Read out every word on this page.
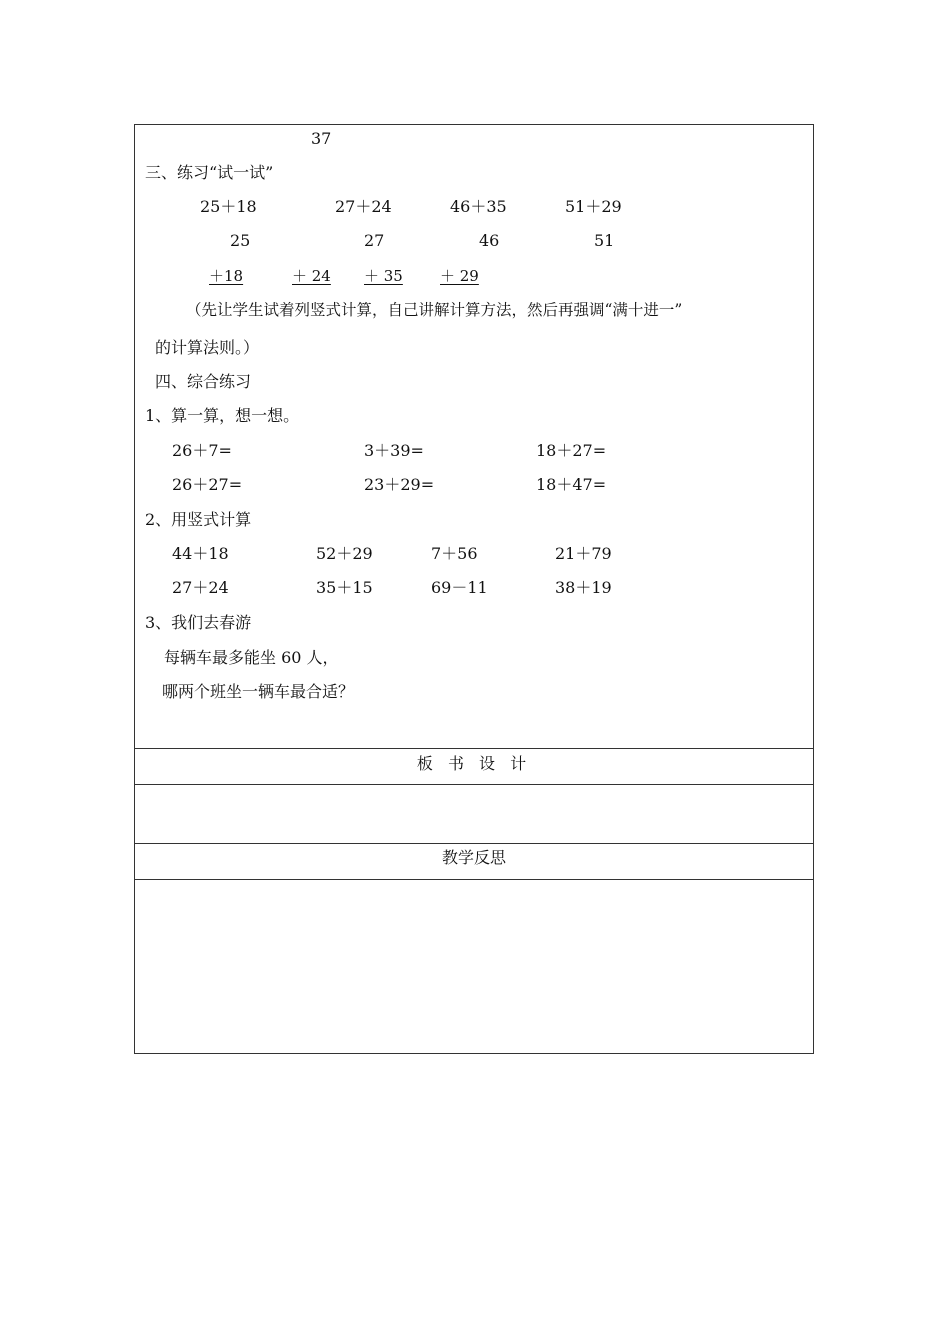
37
三、练习“试一试”
25＋18	27＋24	46＋35	51＋29
25	27	46	51
＋18	＋ 24 ＋ 35 ＋ 29
（先让学生试着列竖式计算，自己讲解计算方法，然后再强调“满十进一”
的计算法则。）
四、综合练习
1、算一算，想一想。
26＋7=	3＋39=	18＋27=
26＋27=	23＋29=	18＋47=
2、用竖式计算
44＋18	52＋29	7＋56	21＋79
27＋24	35＋15	69－11	38＋19
3、我们去春游
每辆车最多能坐 60 人，
哪两个班坐一辆车最合适？
板 书 设 计
教学反思
